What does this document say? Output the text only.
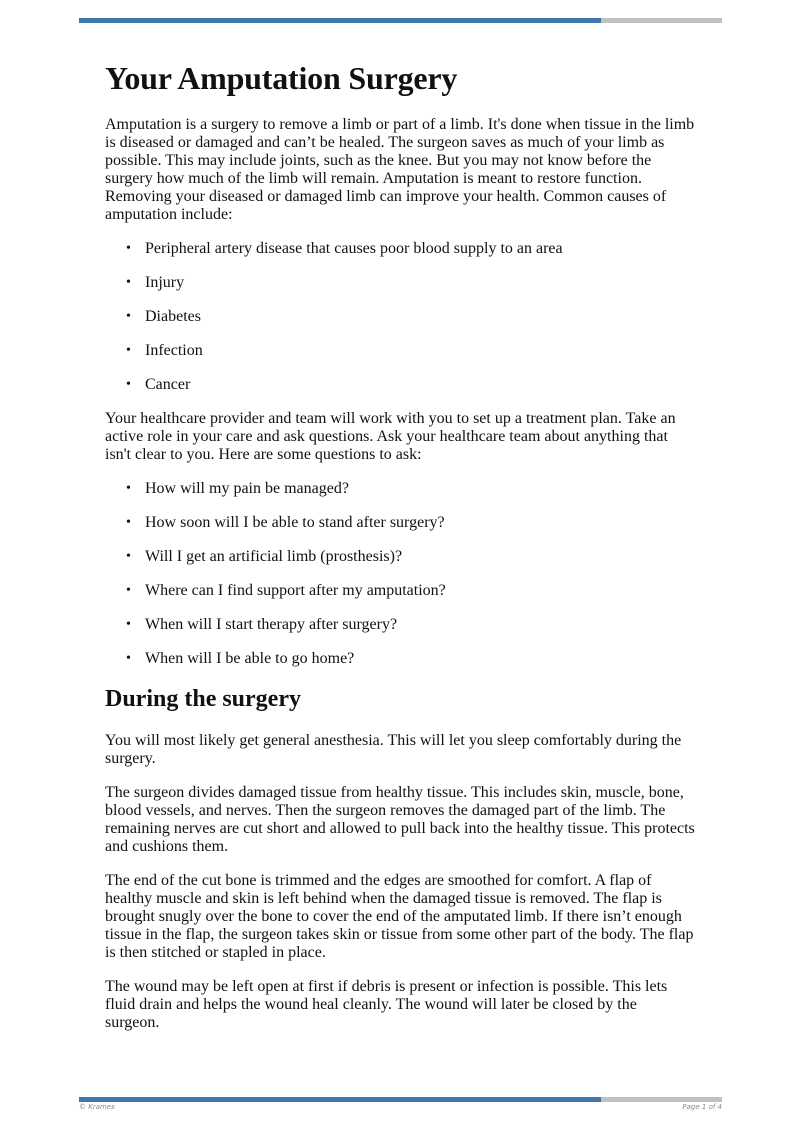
Your Amputation Surgery

Amputation is a surgery to remove a limb or part of a limb. It's done when tissue in the limb is diseased or damaged and can’t be healed. The surgeon saves as much of your limb as possible. This may include joints, such as the knee. But you may not know before the surgery how much of the limb will remain. Amputation is meant to restore function. Removing your diseased or damaged limb can improve your health. Common causes of amputation include:

• Peripheral artery disease that causes poor blood supply to an area
• Injury
• Diabetes
• Infection
• Cancer

Your healthcare provider and team will work with you to set up a treatment plan. Take an active role in your care and ask questions. Ask your healthcare team about anything that isn't clear to you. Here are some questions to ask:

• How will my pain be managed?
• How soon will I be able to stand after surgery?
• Will I get an artificial limb (prosthesis)?
• Where can I find support after my amputation?
• When will I start therapy after surgery?
• When will I be able to go home?
During the surgery

You will most likely get general anesthesia. This will let you sleep comfortably during the surgery.

The surgeon divides damaged tissue from healthy tissue. This includes skin, muscle, bone, blood vessels, and nerves. Then the surgeon removes the damaged part of the limb. The remaining nerves are cut short and allowed to pull back into the healthy tissue. This protects and cushions them.

The end of the cut bone is trimmed and the edges are smoothed for comfort. A flap of healthy muscle and skin is left behind when the damaged tissue is removed. The flap is brought snugly over the bone to cover the end of the amputated limb. If there isn’t enough tissue in the flap, the surgeon takes skin or tissue from some other part of the body. The flap is then stitched or stapled in place.

The wound may be left open at first if debris is present or infection is possible. This lets fluid drain and helps the wound heal cleanly. The wound will later be closed by the surgeon.

© Krames	Page 1 of 4
